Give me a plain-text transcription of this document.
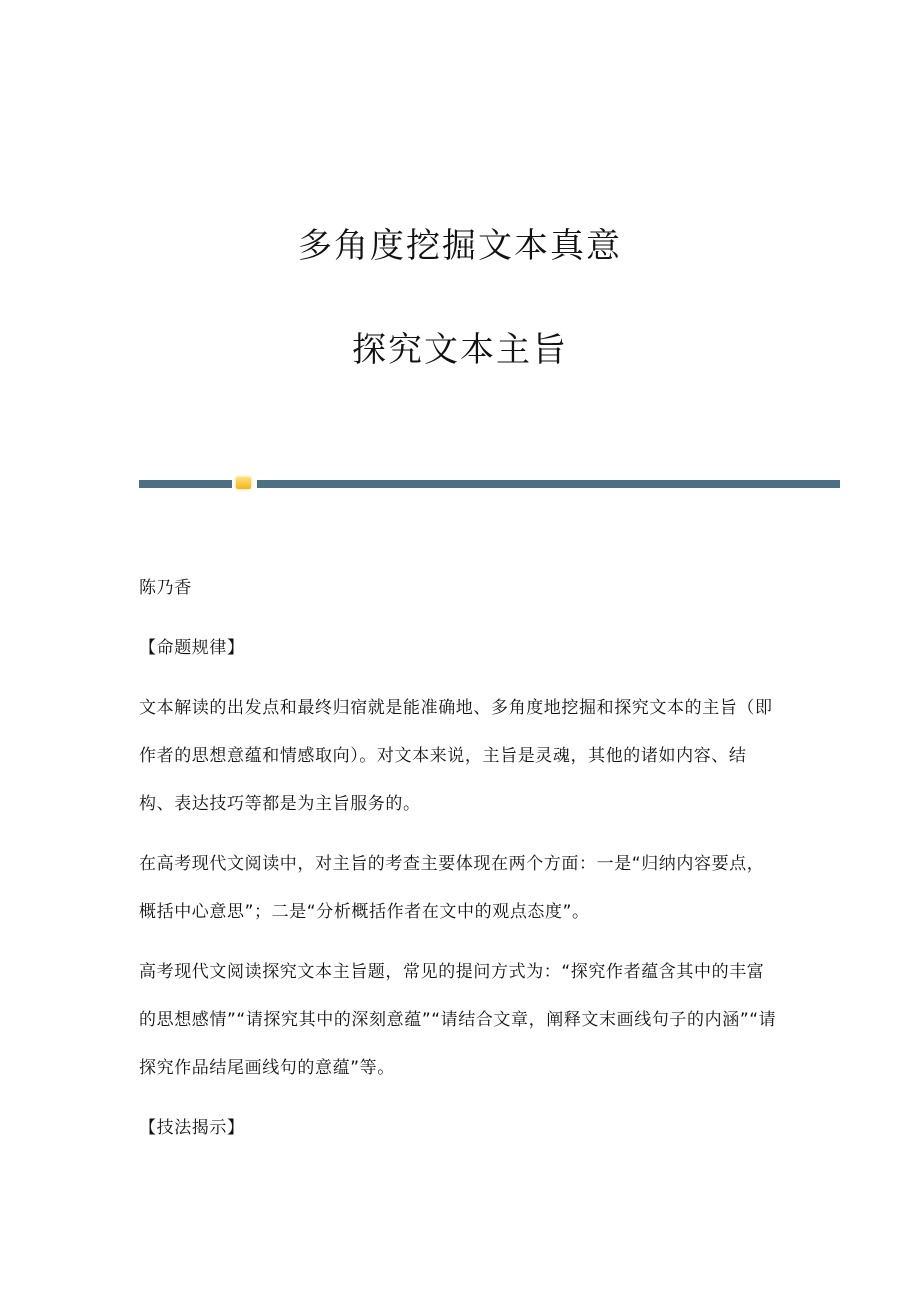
多角度挖掘文本真意
探究文本主旨

陈乃香

【命题规律】

文本解读的出发点和最终归宿就是能准确地、多角度地挖掘和探究文本的主旨（即作者的思想意蕴和情感取向）。对文本来说，主旨是灵魂，其他的诸如内容、结构、表达技巧等都是为主旨服务的。

在高考现代文阅读中，对主旨的考查主要体现在两个方面：一是“归纳内容要点，概括中心意思”；二是“分析概括作者在文中的观点态度”。

高考现代文阅读探究文本主旨题，常见的提问方式为：“探究作者蕴含其中的丰富的思想感情”“请探究其中的深刻意蕴”“请结合文章，阐释文末画线句子的内涵”“请探究作品结尾画线句的意蕴”等。

【技法揭示】
